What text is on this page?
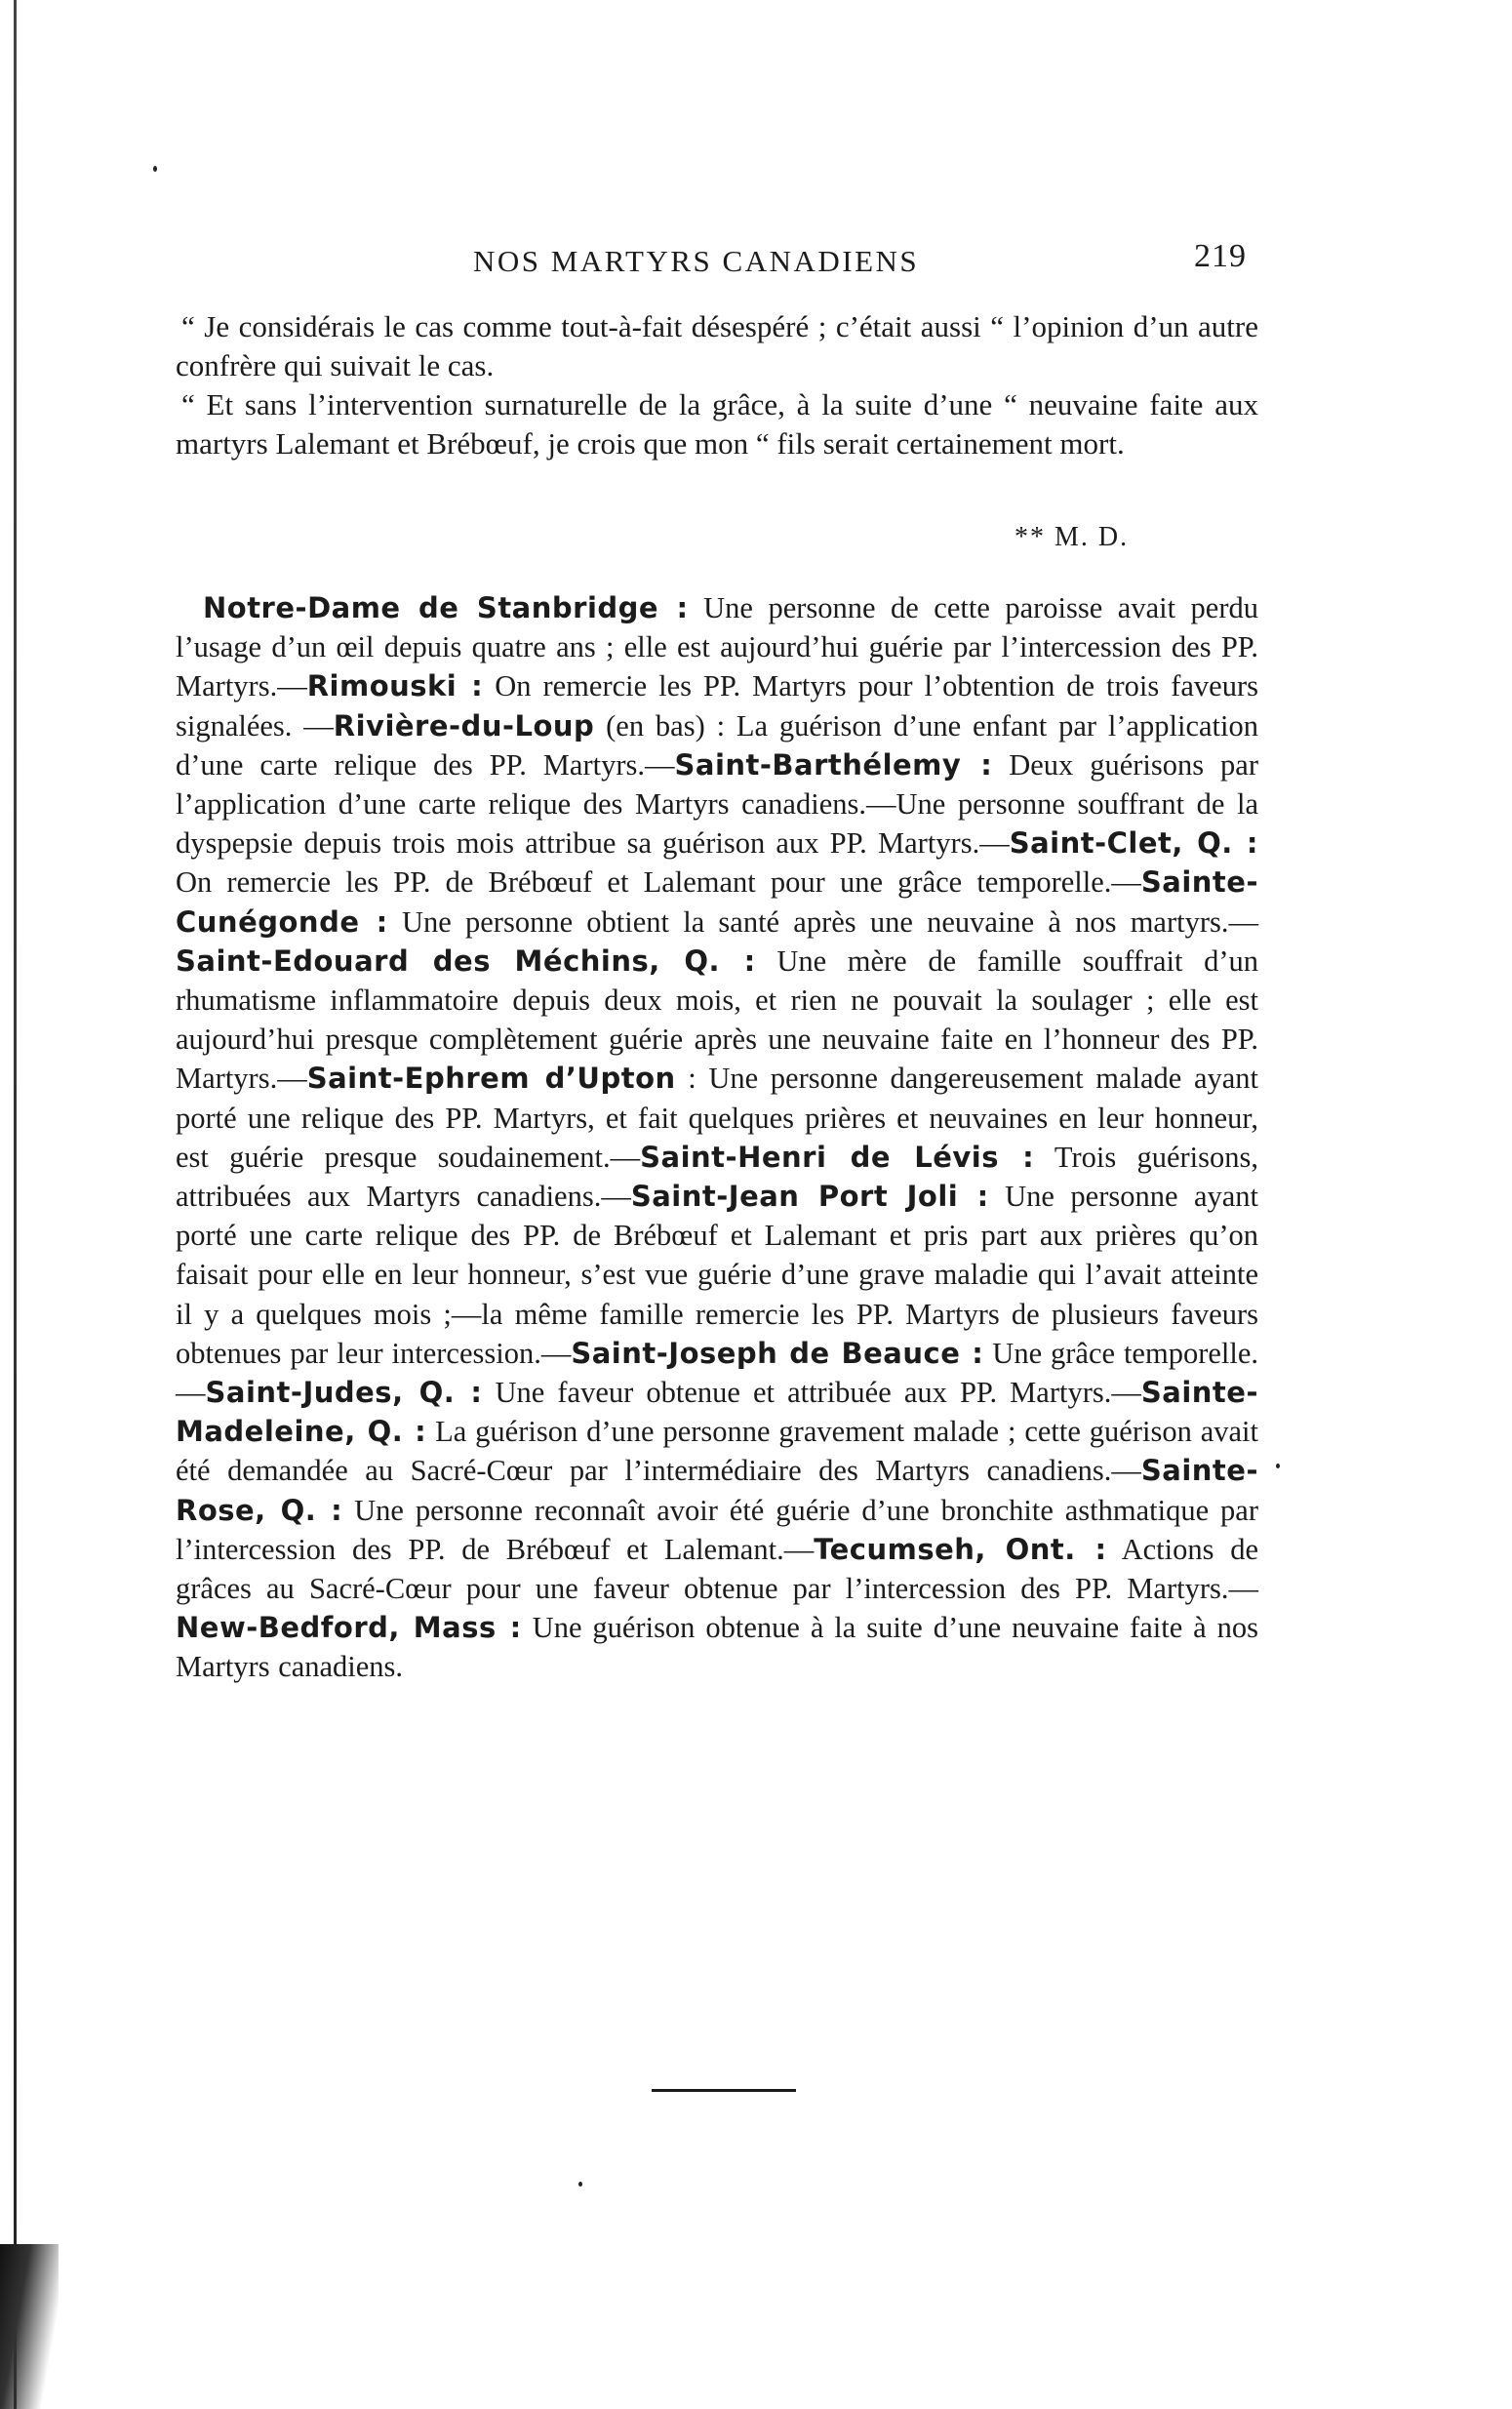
NOS MARTYRS CANADIENS	219

“ Je considérais le cas comme tout-à-fait désespéré ; c’était aussi “ l’opinion d’un autre confrère qui suivait le cas.

“ Et sans l’intervention surnaturelle de la grâce, à la suite d’une “ neuvaine faite aux martyrs Lalemant et Brébœuf, je crois que mon “ fils serait certainement mort.

** M. D.

Notre-Dame de Stanbridge : Une personne de cette paroisse avait perdu l’usage d’un œil depuis quatre ans ; elle est aujourd’hui guérie par l’intercession des PP. Martyrs.—Rimouski : On remercie les PP. Martyrs pour l’obtention de trois faveurs signalées. —Rivière-du-Loup (en bas) : La guérison d’une enfant par l’application d’une carte relique des PP. Martyrs.—Saint-Barthélemy : Deux guérisons par l’application d’une carte relique des Martyrs canadiens.—Une personne souffrant de la dyspepsie depuis trois mois attribue sa guérison aux PP. Martyrs.—Saint-Clet, Q. : On remercie les PP. de Brébœuf et Lalemant pour une grâce temporelle.—Sainte-Cunégonde : Une personne obtient la santé après une neuvaine à nos martyrs.—Saint-Edouard des Méchins, Q. : Une mère de famille souffrait d’un rhumatisme inflammatoire depuis deux mois, et rien ne pouvait la soulager ; elle est aujourd’hui presque complètement guérie après une neuvaine faite en l’honneur des PP. Martyrs.—Saint-Ephrem d’Upton : Une personne dangereusement malade ayant porté une relique des PP. Martyrs, et fait quelques prières et neuvaines en leur honneur, est guérie presque soudainement.—Saint-Henri de Lévis : Trois guérisons, attribuées aux Martyrs canadiens.—Saint-Jean Port Joli : Une personne ayant porté une carte relique des PP. de Brébœuf et Lalemant et pris part aux prières qu’on faisait pour elle en leur honneur, s’est vue guérie d’une grave maladie qui l’avait atteinte il y a quelques mois ;—la même famille remercie les PP. Martyrs de plusieurs faveurs obtenues par leur intercession.—Saint-Joseph de Beauce : Une grâce temporelle.—Saint-Judes, Q. : Une faveur obtenue et attribuée aux PP. Martyrs.—Sainte-Madeleine, Q. : La guérison d’une personne gravement malade ; cette guérison avait été demandée au Sacré-Cœur par l’intermédiaire des Martyrs canadiens.—Sainte-Rose, Q. : Une personne reconnaît avoir été guérie d’une bronchite asthmatique par l’intercession des PP. de Brébœuf et Lalemant.—Tecumseh, Ont. : Actions de grâces au Sacré-Cœur pour une faveur obtenue par l’intercession des PP. Martyrs.—New-Bedford, Mass : Une guérison obtenue à la suite d’une neuvaine faite à nos Martyrs canadiens.
